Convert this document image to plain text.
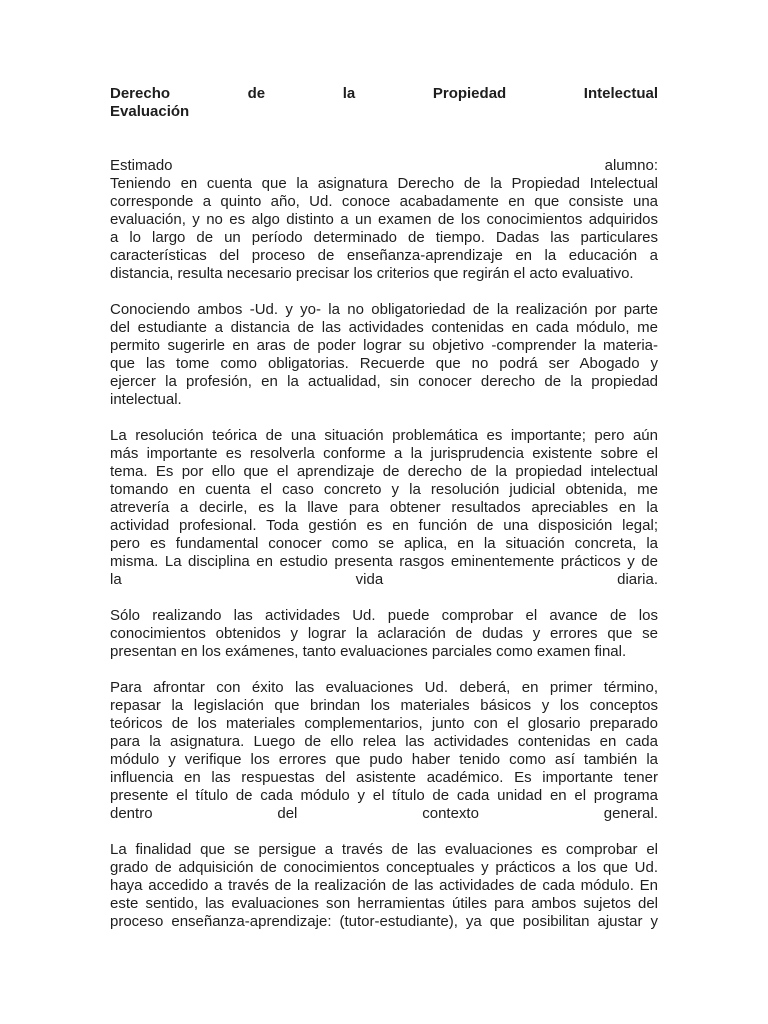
Derecho de la Propiedad Intelectual
Evaluación
Estimado alumno:
Teniendo en cuenta que la asignatura Derecho de la Propiedad Intelectual
corresponde a quinto año, Ud. conoce acabadamente en que consiste una
evaluación, y no es algo distinto a un examen de los conocimientos adquiridos
a lo largo de un período determinado de tiempo. Dadas las particulares
características del proceso de enseñanza-aprendizaje en la educación a
distancia, resulta necesario precisar los criterios que regirán el acto evaluativo.
Conociendo ambos -Ud. y yo- la no obligatoriedad de la realización por parte
del estudiante a distancia de las actividades contenidas en cada módulo, me
permito sugerirle en aras de poder lograr su objetivo -comprender la materia-
que las tome como obligatorias. Recuerde que no podrá ser Abogado y
ejercer la profesión, en la actualidad, sin conocer derecho de la propiedad
intelectual.
La resolución teórica de una situación problemática es importante; pero aún
más importante es resolverla conforme a la jurisprudencia existente sobre el
tema. Es por ello que el aprendizaje de derecho de la propiedad intelectual
tomando en cuenta el caso concreto y la resolución judicial obtenida, me
atrevería a decirle, es la llave para obtener resultados apreciables en la
actividad profesional. Toda gestión es en función de una disposición legal;
pero es fundamental conocer como se aplica, en la situación concreta, la
misma. La disciplina en estudio presenta rasgos eminentemente prácticos y de
la vida diaria.
Sólo realizando las actividades Ud. puede comprobar el avance de los
conocimientos obtenidos y lograr la aclaración de dudas y errores que se
presentan en los exámenes, tanto evaluaciones parciales como examen final.
Para afrontar con éxito las evaluaciones Ud. deberá, en primer término,
repasar la legislación que brindan los materiales básicos y los conceptos
teóricos de los materiales complementarios, junto con el glosario preparado
para la asignatura. Luego de ello relea las actividades contenidas en cada
módulo y verifique los errores que pudo haber tenido como así también la
influencia en las respuestas del asistente académico. Es importante tener
presente el título de cada módulo y el título de cada unidad en el programa
dentro del contexto general.
La finalidad que se persigue a través de las evaluaciones es comprobar el
grado de adquisición de conocimientos conceptuales y prácticos a los que Ud.
haya accedido a través de la realización de las actividades de cada módulo. En
este sentido, las evaluaciones son herramientas útiles para ambos sujetos del
proceso enseñanza-aprendizaje: (tutor-estudiante), ya que posibilitan ajustar y
